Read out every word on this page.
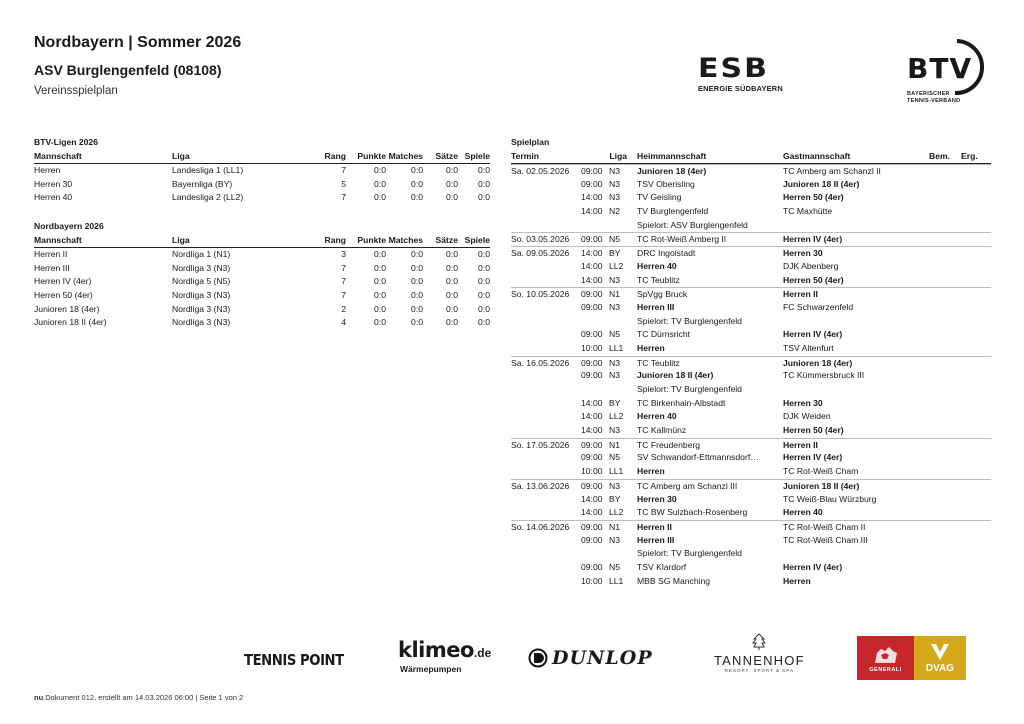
Nordbayern | Sommer 2026
ASV Burglengenfeld (08108)
Vereinsspielplan
ESB
ENERGIE SÜDBAYERN
BTV
BAYERISCHER
TENNIS-VERBAND
BTV-Ligen 2026
Mannschaft	Liga	Rang	Punkte Matches	Sätze Spiele
Herren	Landesliga 1 (LL1)	7	0:0	0:0	0:0	0:0
Herren 30	Bayernliga (BY)	5	0:0	0:0	0:0	0:0
Herren 40	Landesliga 2 (LL2)	7	0:0	0:0	0:0	0:0
Nordbayern 2026
Mannschaft	Liga	Rang	Punkte Matches	Sätze Spiele
Herren II	Nordliga 1 (N1)	3	0:0	0:0	0:0	0:0
Herren III	Nordliga 3 (N3)	7	0:0	0:0	0:0	0:0
Herren IV (4er)	Nordliga 5 (N5)	7	0:0	0:0	0:0	0:0
Herren 50 (4er)	Nordliga 3 (N3)	7	0:0	0:0	0:0	0:0
Junioren 18 (4er)	Nordliga 3 (N3)	2	0:0	0:0	0:0	0:0
Junioren 18 II (4er)	Nordliga 3 (N3)	4	0:0	0:0	0:0	0:0
Spielplan
Termin	Liga	Heimmannschaft	Gastmannschaft	Bem.	Erg.
Sa. 02.05.2026	09:00 N3	Junioren 18 (4er)	TC Amberg am Schanzl II
09:00 N3	TSV Oberisling	Junioren 18 II (4er)
14:00 N3	TV Geisling	Herren 50 (4er)
14:00 N2	TV Burglengenfeld	TC Maxhütte
Spielort: ASV Burglengenfeld
So. 03.05.2026	09:00 N5	TC Rot-Weiß Amberg II	Herren IV (4er)
Sa. 09.05.2026	14:00 BY	DRC Ingolstadt	Herren 30
14:00 LL2	Herren 40	DJK Abenberg
14:00 N3	TC Teublitz	Herren 50 (4er)
So. 10.05.2026	09:00 N1	SpVgg Bruck	Herren II
09:00 N3	Herren III	FC Schwarzenfeld
Spielort: TV Burglengenfeld
09:00 N5	TC Dürnsricht	Herren IV (4er)
10:00 LL1	Herren	TSV Altenfurt
Sa. 16.05.2026	09:00 N3	TC Teublitz	Junioren 18 (4er)
09:00 N3	Junioren 18 II (4er)	TC Kümmersbruck III
Spielort: TV Burglengenfeld
14:00 BY	TC Birkenhain-Albstadt	Herren 30
14:00 LL2	Herren 40	DJK Weiden
14:00 N3	TC Kallmünz	Herren 50 (4er)
So. 17.05.2026	09:00 N1	TC Freudenberg	Herren II
09:00 N5	SV Schwandorf-Ettmannsdorf…	Herren IV (4er)
10:00 LL1	Herren	TC Rot-Weiß Cham
Sa. 13.06.2026	09:00 N3	TC Amberg am Schanzl III	Junioren 18 II (4er)
14:00 BY	Herren 30	TC Weiß-Blau Würzburg
14:00 LL2	TC BW Sulzbach-Rosenberg	Herren 40
So. 14.06.2026	09:00 N1	Herren II	TC Rot-Weiß Cham II
09:00 N3	Herren III	TC Rot-Weiß Cham III
Spielort: TV Burglengenfeld
09:00 N5	TSV Klardorf	Herren IV (4er)
10:00 LL1	MBB SG Manching	Herren
TENNIS POINT	klimeo.de
Wärmepumpen	DUNLOP	TANNENHOF
RESORT. SPORT & SPA	GENERALI DVAG
nu.Dokument 012, erstellt am 14.03.2026 06:00 | Seite 1 von 2
